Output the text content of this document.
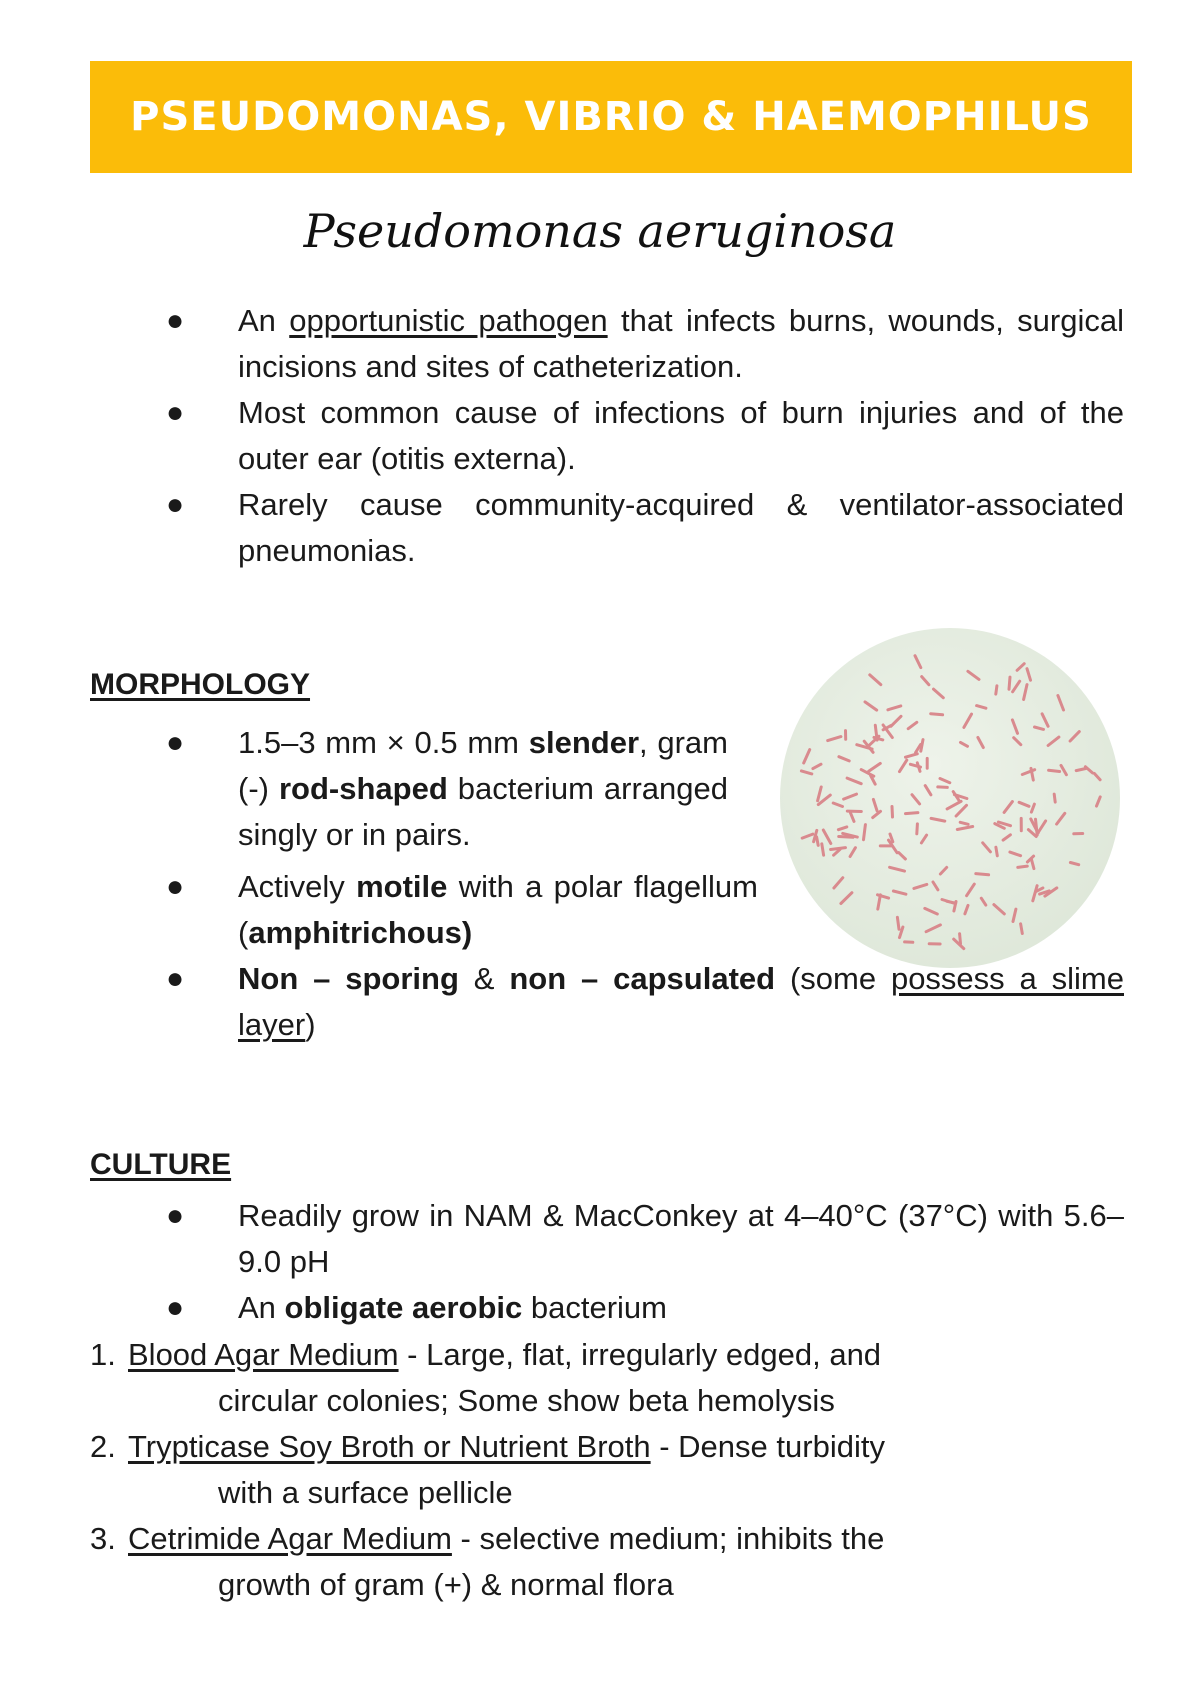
PSEUDOMONAS, VIBRIO & HAEMOPHILUS
Pseudomonas aeruginosa
● An opportunistic pathogen that infects burns, wounds, surgical incisions and sites of catheterization.
● Most common cause of infections of burn injuries and of the outer ear (otitis externa).
● Rarely cause community-acquired & ventilator-associated pneumonias.
MORPHOLOGY
● 1.5–3 mm × 0.5 mm slender, gram (-) rod-shaped bacterium arranged singly or in pairs.
● Actively motile with a polar flagellum (amphitrichous)
● Non – sporing & non – capsulated (some possess a slime layer)
CULTURE
● Readily grow in NAM & MacConkey at 4–40°C (37°C) with 5.6– 9.0 pH
● An obligate aerobic bacterium
1. Blood Agar Medium - Large, flat, irregularly edged, and
circular colonies; Some show beta hemolysis
2. Trypticase Soy Broth or Nutrient Broth - Dense turbidity
with a surface pellicle
3. Cetrimide Agar Medium - selective medium; inhibits the
growth of gram (+) & normal flora
